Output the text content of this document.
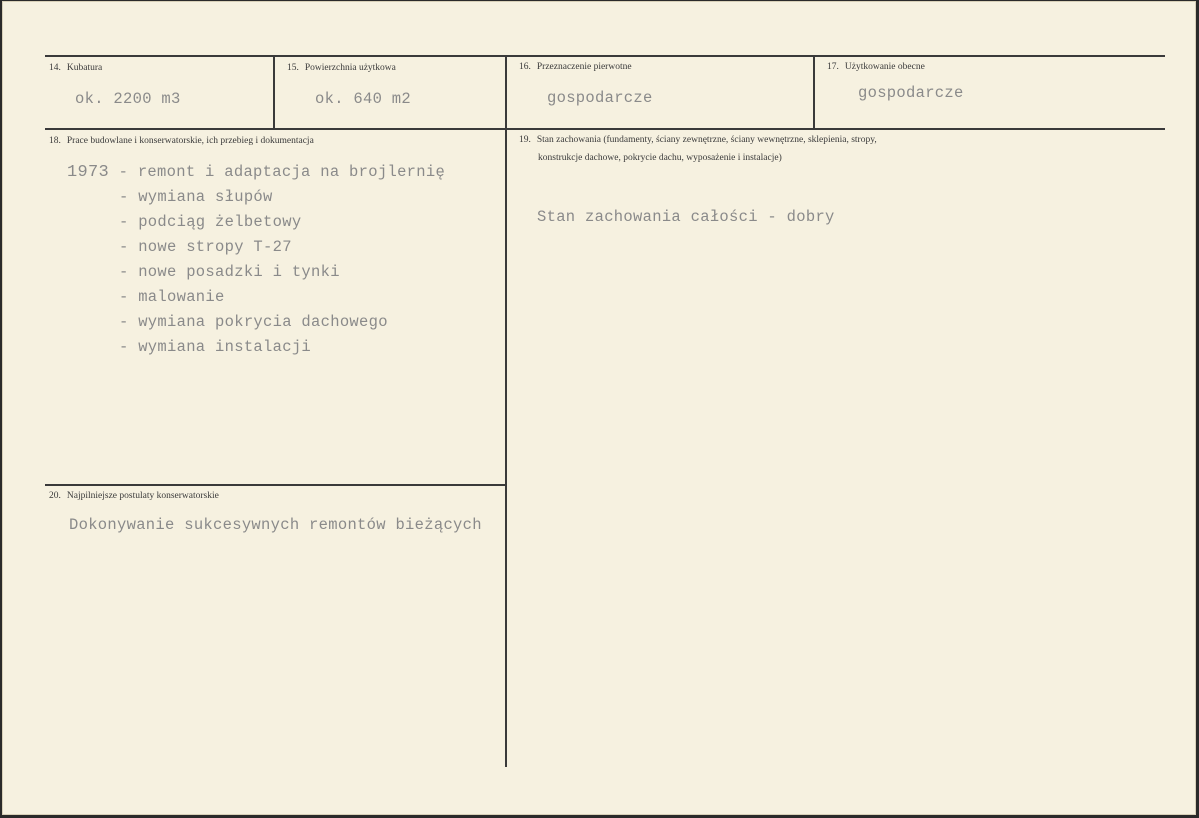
14. Kubatura
ok. 2200 m3
15. Powierzchnia użytkowa
ok. 640 m2
16. Przeznaczenie pierwotne
gospodarcze
17. Użytkowanie obecne
gospodarcze
18. Prace budowlane i konserwatorskie, ich przebieg i dokumentacja
1973 - remont i adaptacja na brojlernię
- wymiana słupów
- podciąg żelbetowy
- nowe stropy T-27
- nowe posadzki i tynki
- malowanie
- wymiana pokrycia dachowego
- wymiana instalacji
19. Stan zachowania (fundamenty, ściany zewnętrzne, ściany wewnętrzne, sklepienia, stropy,
konstrukcje dachowe, pokrycie dachu, wyposażenie i instalacje)
Stan zachowania całości - dobry
20. Najpilniejsze postulaty konserwatorskie
Dokonywanie sukcesywnych remontów bieżących
